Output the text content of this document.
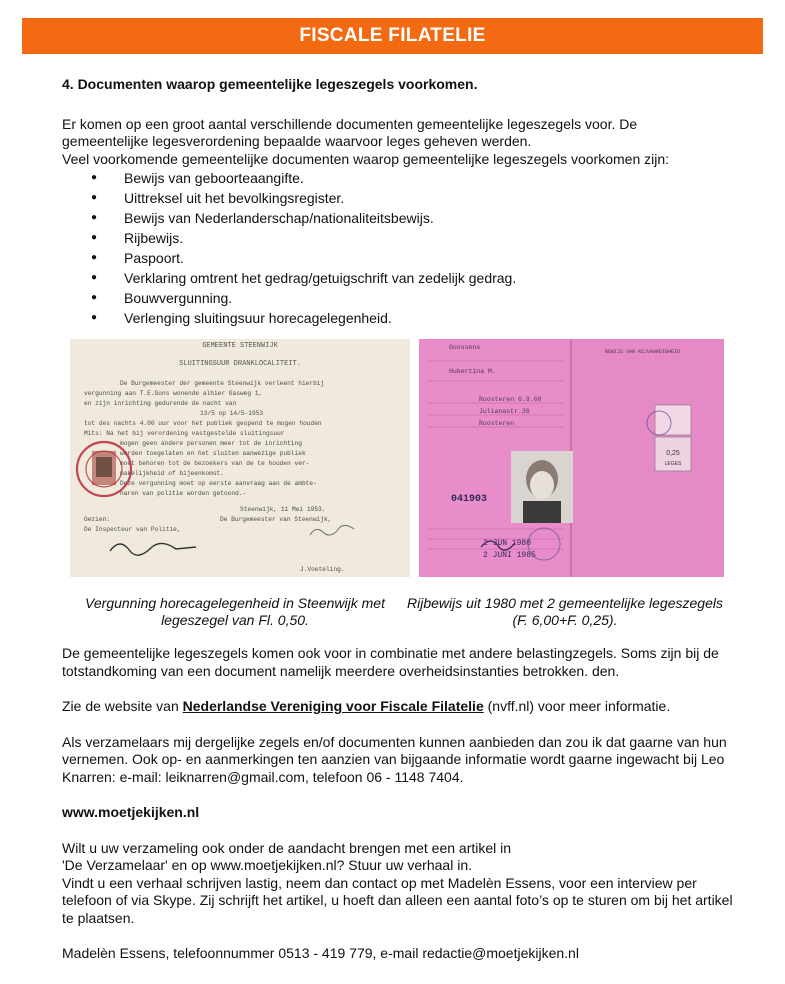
FISCALE FILATELIE
4. Documenten waarop gemeentelijke legeszegels voorkomen.

Er komen op een groot aantal verschillende documenten gemeentelijke legeszegels voor. De gemeentelijke legesverordening bepaalde waarvoor leges geheven werden.

Veel voorkomende gemeentelijke documenten waarop gemeentelijke legeszegels voorkomen zijn:

● Bewijs van geboorteaangifte.
● Uittreksel uit het bevolkingsregister.
● Bewijs van Nederlanderschap/nationaliteitsbewijs.
● Rijbewijs.
● Paspoort.
● Verklaring omtrent het gedrag/getuigschrift van zedelijk gedrag.
● Bouwvergunning.
● Verlenging sluitingsuur horecagelegenheid.
GEMEENTE STEENWIJK
SLUITINGSUUR DRANKLOCALITEIT.
De Burgemeester der gemeente Steenwijk verleent hierbij
vergunning aan T.E.Gons wonende alhier Gasweg 1,
en zijn inrichting gedurende de nacht van
13/5 op 14/5-1953
tot des nachts 4.00 uur voor het publiek geopend te mogen houden
Mits: Na het bij verordening vastgestelde sluitingsuur
mogen geen andere personen meer tot de inrichting
worden toegelaten en het sluiten aanwezige publiek
moet behoren tot de bezoekers van de te houden ver-
makelijkheid of bijeenkomst.
Deze vergunning moet op eerste aanvraag aan de ambte-
naren van politie worden getoond.-
Steenwijk, 11 Mei 1953.
Gezien:	De Burgemeester van Steenwijk,
De Inspecteur van Politie,
J.Voeteling.
Goossens
Hubertina M.
Roosteren 6.9.60
Julianastr.36
Roosteren
BEWIJS VAN RIJVAARDIGHEID
041903
2 JUN 1980
2 JUNI 1985
0,25
LEGES
Vergunning horecagelegenheid in Steenwijk met legeszegel van Fl. 0,50.
Rijbewijs uit 1980 met 2 gemeentelijke legeszegels (F. 6,00+F. 0,25).

De gemeentelijke legeszegels komen ook voor in combinatie met andere belastingzegels. Soms zijn bij de totstandkoming van een document namelijk meerdere overheidsinstanties betrokken. den.

Zie de website van Nederlandse Vereniging voor Fiscale Filatelie (nvff.nl) voor meer informatie.

Als verzamelaars mij dergelijke zegels en/of documenten kunnen aanbieden dan zou ik dat gaarne van hun vernemen. Ook op- en aanmerkingen ten aanzien van bijgaande informatie wordt gaarne ingewacht bij Leo Knarren: e-mail: leiknarren@gmail.com, telefoon 06 - 1148 7404.

www.moetjekijken.nl

Wilt u uw verzameling ook onder de aandacht brengen met een artikel in

'De Verzamelaar' en op www.moetjekijken.nl? Stuur uw verhaal in.

Vindt u een verhaal schrijven lastig, neem dan contact op met Madelèn Essens, voor een interview per telefoon of via Skype. Zij schrijft het artikel, u hoeft dan alleen een aantal foto’s op te sturen om bij het artikel te plaatsen.

Madelèn Essens, telefoonnummer 0513 - 419 779, e-mail redactie@moetjekijken.nl
